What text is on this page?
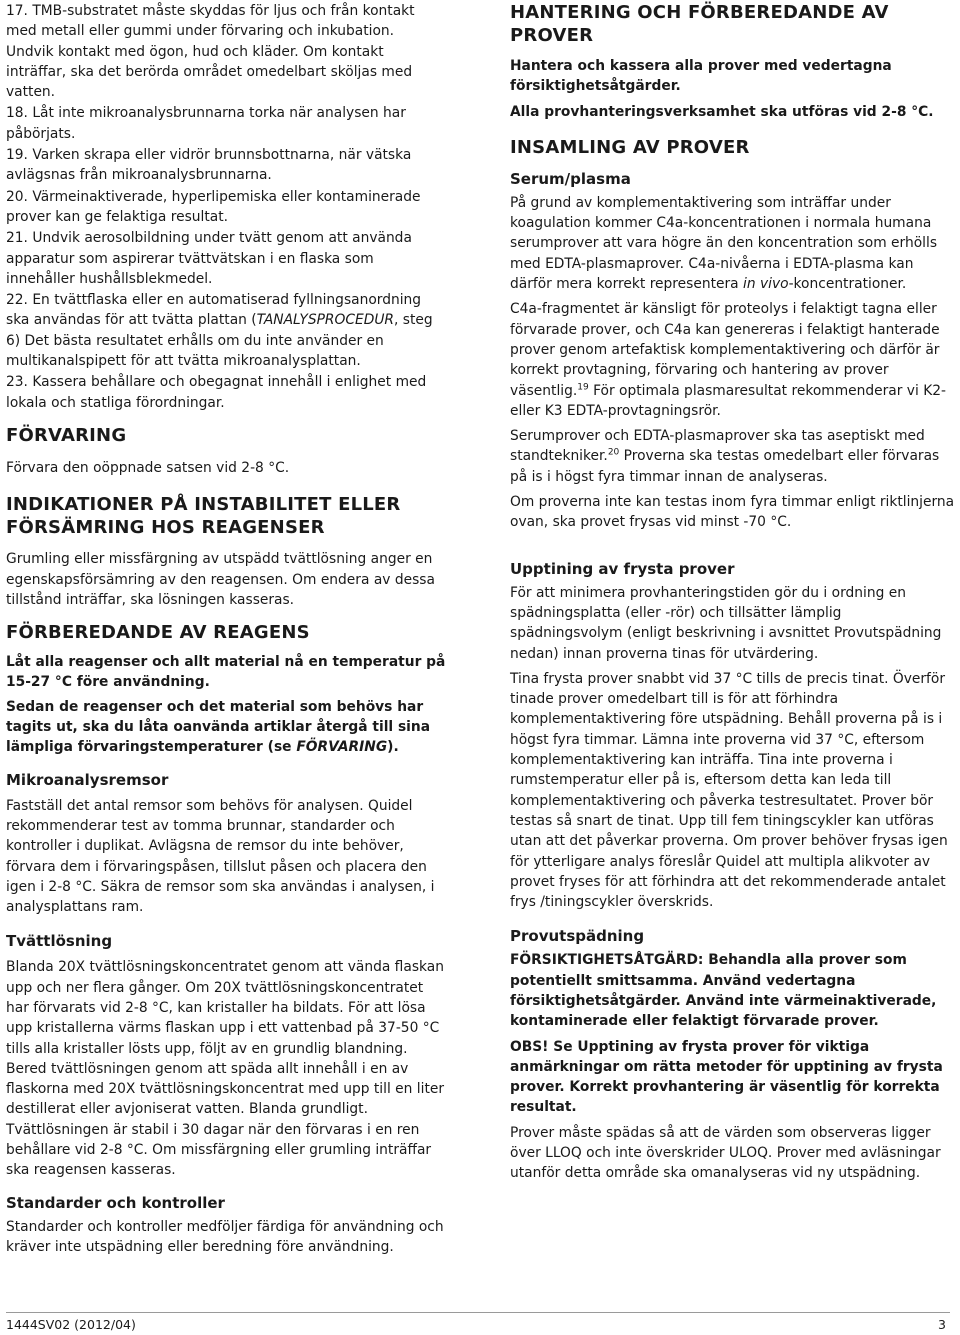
17. TMB-substratet måste skyddas för ljus och från kontakt med metall eller gummi under förvaring och inkubation. Undvik kontakt med ögon, hud och kläder. Om kontakt inträffar, ska det berörda området omedelbart sköljas med vatten.

18. Låt inte mikroanalysbrunnarna torka när analysen har påbörjats.

19. Varken skrapa eller vidrör brunnsbottnarna, när vätska avlägsnas från mikroanalysbrunnarna.

20. Värmeinaktiverade, hyperlipemiska eller kontaminerade prover kan ge felaktiga resultat.

21. Undvik aerosolbildning under tvätt genom att använda apparatur som aspirerar tvättvätskan i en flaska som innehåller hushållsblekmedel.

22. En tvättflaska eller en automatiserad fyllningsanordning ska användas för att tvätta plattan (TANALYSPROCEDUR, steg 6) Det bästa resultatet erhålls om du inte använder en multikanalspipett för att tvätta mikroanalysplattan.

23. Kassera behållare och obegagnat innehåll i enlighet med lokala och statliga förordningar.

FÖRVARING

Förvara den oöppnade satsen vid 2-8 °C.

INDIKATIONER PÅ INSTABILITET ELLER FÖRSÄMRING HOS REAGENSER

Grumling eller missfärgning av utspädd tvättlösning anger en egenskapsförsämring av den reagensen. Om endera av dessa tillstånd inträffar, ska lösningen kasseras.

FÖRBEREDANDE AV REAGENS

Låt alla reagenser och allt material nå en temperatur på 15-27 °C före användning.

Sedan de reagenser och det material som behövs har tagits ut, ska du låta oanvända artiklar återgå till sina lämpliga förvaringstemperaturer (se FÖRVARING).

Mikroanalysremsor

Fastställ det antal remsor som behövs för analysen. Quidel rekommenderar test av tomma brunnar, standarder och kontroller i duplikat. Avlägsna de remsor du inte behöver, förvara dem i förvaringspåsen, tillslut påsen och placera den igen i 2-8 °C. Säkra de remsor som ska användas i analysen, i analysplattans ram.

Tvättlösning

Blanda 20X tvättlösningskoncentratet genom att vända flaskan upp och ner flera gånger. Om 20X tvättlösningskoncentratet har förvarats vid 2-8 °C, kan kristaller ha bildats. För att lösa upp kristallerna värms flaskan upp i ett vattenbad på 37-50 °C tills alla kristaller lösts upp, följt av en grundlig blandning. Bered tvättlösningen genom att späda allt innehåll i en av flaskorna med 20X tvättlösningskoncentrat med upp till en liter destillerat eller avjoniserat vatten. Blanda grundligt. Tvättlösningen är stabil i 30 dagar när den förvaras i en ren behållare vid 2-8 °C. Om missfärgning eller grumling inträffar ska reagensen kasseras.

Standarder och kontroller

Standarder och kontroller medföljer färdiga för användning och kräver inte utspädning eller beredning före användning.

HANTERING OCH FÖRBEREDANDE AV PROVER

Hantera och kassera alla prover med vedertagna försiktighetsåtgärder.

Alla provhanteringsverksamhet ska utföras vid 2-8 °C.

INSAMLING AV PROVER
Serum/plasma

På grund av komplementaktivering som inträffar under koagulation kommer C4a-koncentrationen i normala humana serumprover att vara högre än den koncentration som erhölls med EDTA-plasmaprover. C4a-nivåerna i EDTA-plasma kan därför mera korrekt representera in vivo-koncentrationer.

C4a-fragmentet är känsligt för proteolys i felaktigt tagna eller förvarade prover, och C4a kan genereras i felaktigt hanterade prover genom artefaktisk komplementaktivering och därför är korrekt provtagning, förvaring och hantering av prover väsentlig.$^{19}$ För optimala plasmaresultat rekommenderar vi K2- eller K3 EDTA-provtagningsrör.

Serumprover och EDTA-plasmaprover ska tas aseptiskt med standtekniker.$^{20}$ Proverna ska testas omedelbart eller förvaras på is i högst fyra timmar innan de analyseras.

Om proverna inte kan testas inom fyra timmar enligt riktlinjerna ovan, ska provet frysas vid minst -70 °C.

Upptining av frysta prover

För att minimera provhanteringstiden gör du i ordning en spädningsplatta (eller -rör) och tillsätter lämplig spädningsvolym (enligt beskrivning i avsnittet Provutspädning nedan) innan proverna tinas för utvärdering.

Tina frysta prover snabbt vid 37 °C tills de precis tinat. Överför tinade prover omedelbart till is för att förhindra komplementaktivering före utspädning. Behåll proverna på is i högst fyra timmar. Lämna inte proverna vid 37 °C, eftersom komplementaktivering kan inträffa. Tina inte proverna i rumstemperatur eller på is, eftersom detta kan leda till komplementaktivering och påverka testresultatet. Prover bör testas så snart de tinat. Upp till fem tiningscykler kan utföras utan att det påverkar proverna. Om prover behöver frysas igen för ytterligare analys föreslår Quidel att multipla alikvoter av provet fryses för att förhindra att det rekommenderade antalet frys /tiningscykler överskrids.

Provutspädning

FÖRSIKTIGHETSÅTGÄRD: Behandla alla prover som potentiellt smittsamma. Använd vedertagna försiktighetsåtgärder. Använd inte värmeinaktiverade, kontaminerade eller felaktigt förvarade prover.

OBS! Se Upptining av frysta prover för viktiga anmärkningar om rätta metoder för upptining av frysta prover. Korrekt provhantering är väsentlig för korrekta resultat.

Prover måste spädas så att de värden som observeras ligger över LLOQ och inte överskrider ULOQ. Prover med avläsningar utanför detta område ska omanalyseras vid ny utspädning.

1444SV02 (2012/04)	3
